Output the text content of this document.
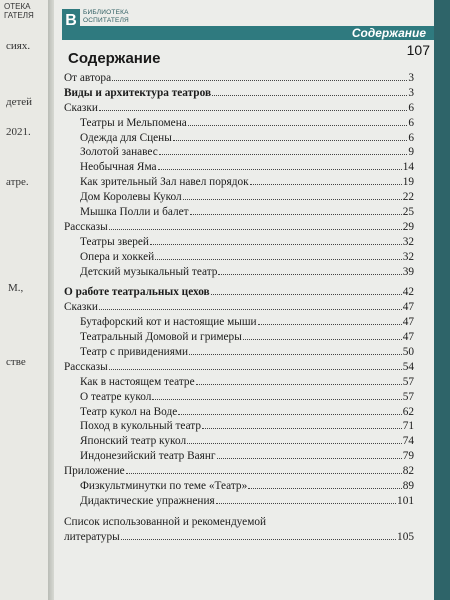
ОТЕКА
ГАТЕЛЯ
сиях.
детей
2021.
атре.
М.,
стве
Содержание
В БИБЛИОТЕКА
ОСПИТАТЕЛЯ
107
Содержание
От автора	3
Виды и архитектура театров	3
Сказки	6
Театры и Мельпомена	6
Одежда для Сцены	6
Золотой занавес	9
Необычная Яма	14
Как зрительный Зал навел порядок	19
Дом Королевы Кукол	22
Мышка Полли и балет	25
Рассказы	29
Театры зверей	32
Опера и хоккей	32
Детский музыкальный театр	39
О работе театральных цехов	42
Сказки	47
Бутафорский кот и настоящие мыши	47
Театральный Домовой и гримеры	47
Театр с привидениями	50
Рассказы	54
Как в настоящем театре	57
О театре кукол	57
Театр кукол на Воде	62
Поход в кукольный театр	71
Японский театр кукол	74
Индонезийский театр Ваянг	79
Приложение	82
Физкультминутки по теме «Театр»	89
Дидактические упражнения	101
Список использованной и рекомендуемой
литературы	105
